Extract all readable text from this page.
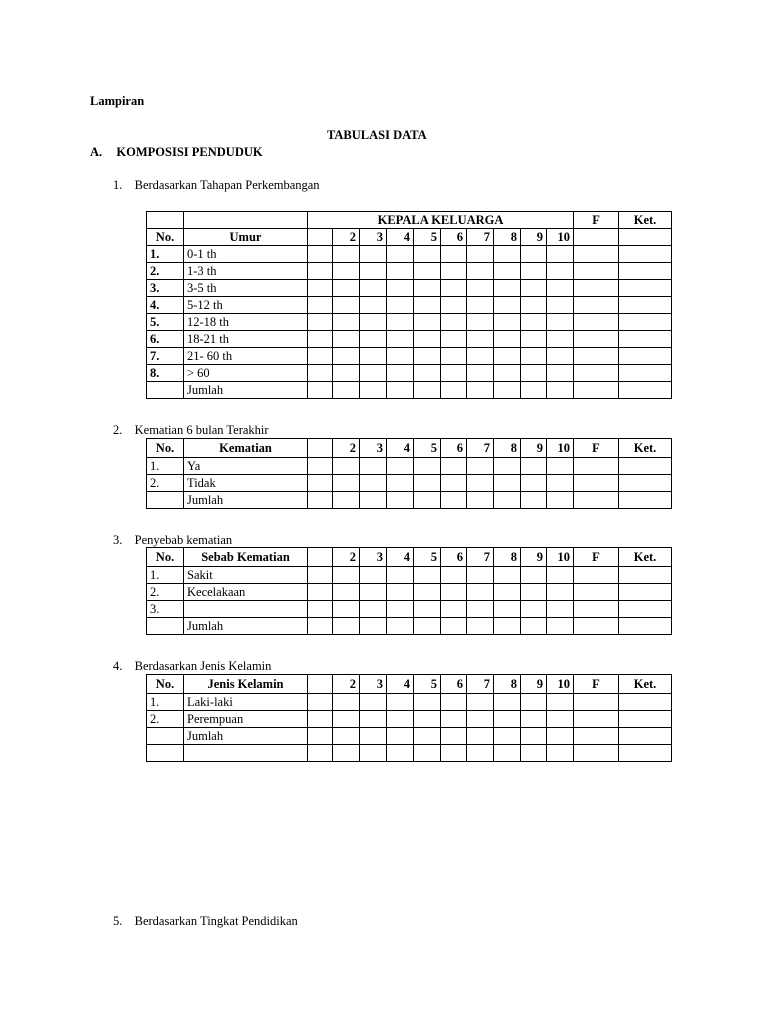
Lampiran
TABULASI DATA
A. KOMPOSISI PENDUDUK
1. Berdasarkan Tahapan Perkembangan
		KEPALA KELUARGA										F	Ket.
No.	Umur		2	3	4	5	6	7	8	9	10		
1.	0-1 th												
2.	1-3 th												
3.	3-5 th												
4.	5-12 th												
5.	12-18 th												
6.	18-21 th												
7.	21- 60 th												
8.	> 60												
	Jumlah												
2. Kematian 6 bulan Terakhir
No.	Kematian		2	3	4	5	6	7	8	9	10	F	Ket.
1.	Ya												
2.	Tidak												
	Jumlah												
3. Penyebab kematian
No.	Sebab Kematian		2	3	4	5	6	7	8	9	10	F	Ket.
1.	Sakit												
2.	Kecelakaan												
3.													
	Jumlah												
4. Berdasarkan Jenis Kelamin
No.	Jenis Kelamin		2	3	4	5	6	7	8	9	10	F	Ket.
1.	Laki-laki												
2.	Perempuan												
	Jumlah												

5. Berdasarkan Tingkat Pendidikan
